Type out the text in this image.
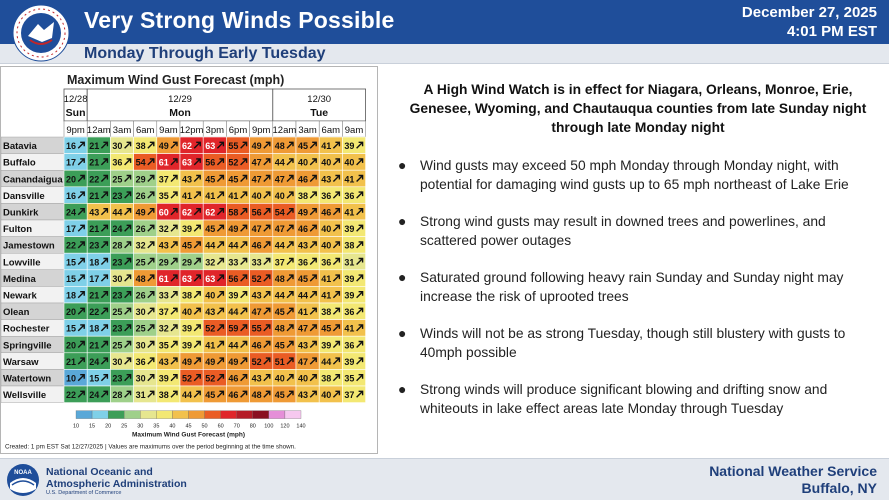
Very Strong Winds Possible
Monday Through Early Tuesday
December 27, 2025
4:01 PM EST
Maximum Wind Gust Forecast (mph)
12/28
Sun
12/29
Mon
12/30
Tue
9pm 12am 3am 6am 9am 12pm 3pm 6pm 9pm 12am 3am 6am 9am
Batavia	16 21 30 38 49 62 63 55 49 48 45 41 39
Buffalo	17 21 36 54 61 63 56 52 47 44 40 40 40
Canandaigua 20 22 25 29 37 43 45 45 47 47 46 43 41
Dansville 16 21 23 26 35 41 41 41 40 40 38 36 36
Dunkirk	24 43 44 49 60 62 62 58 56 54 49 46 41
Fulton	17 21 24 26 32 39 45 49 47 47 46 40 39
Jamestown 22 23 28 32 43 45 44 44 46 44 43 40 38
Lowville	15 18 23 25 29 29 32 33 33 37 36 36 31
Medina	15 17 30 48 61 63 63 56 52 48 45 41 39
Newark	18 21 23 26 33 38 40 39 43 44 44 41 39
Olean	20 22 25 30 37 40 43 44 47 45 41 38 36
Rochester 15 18 23 25 32 39 52 59 55 48 47 45 41
Springville 20 21 25 30 35 39 41 44 46 45 43 39 36
Warsaw	21 24 30 36 43 49 49 49 52 51 47 44 39
Watertown 10 15 23 30 39 52 52 46 43 40 40 38 35
Wellsville 22 24 28 31 38 44 45 46 48 45 43 40 37
10 15 20 25 30 35 40 45 50 60 70 80 100 120 140
Maximum Wind Gust Forecast (mph)
Created: 1 pm EST Sat 12/27/2025 | Values are maximums over the period beginning at the time shown.
A High Wind Watch is in effect for Niagara, Orleans, Monroe, Erie, Genesee, Wyoming, and Chautauqua counties from late Sunday night through late Monday night
● Wind gusts may exceed 50 mph Monday through Monday night, with potential for damaging wind gusts up to 65 mph northeast of Lake Erie
● Strong wind gusts may result in downed trees and powerlines, and scattered power outages
● Saturated ground following heavy rain Sunday and Sunday night may increase the risk of uprooted trees
● Winds will not be as strong Tuesday, though still blustery with gusts to 40mph possible
● Strong winds will produce significant blowing and drifting snow and whiteouts in lake effect areas late Monday through Tuesday
NOAA National Oceanic and
Atmospheric Administration
U.S. Department of Commerce
National Weather Service
Buffalo, NY
